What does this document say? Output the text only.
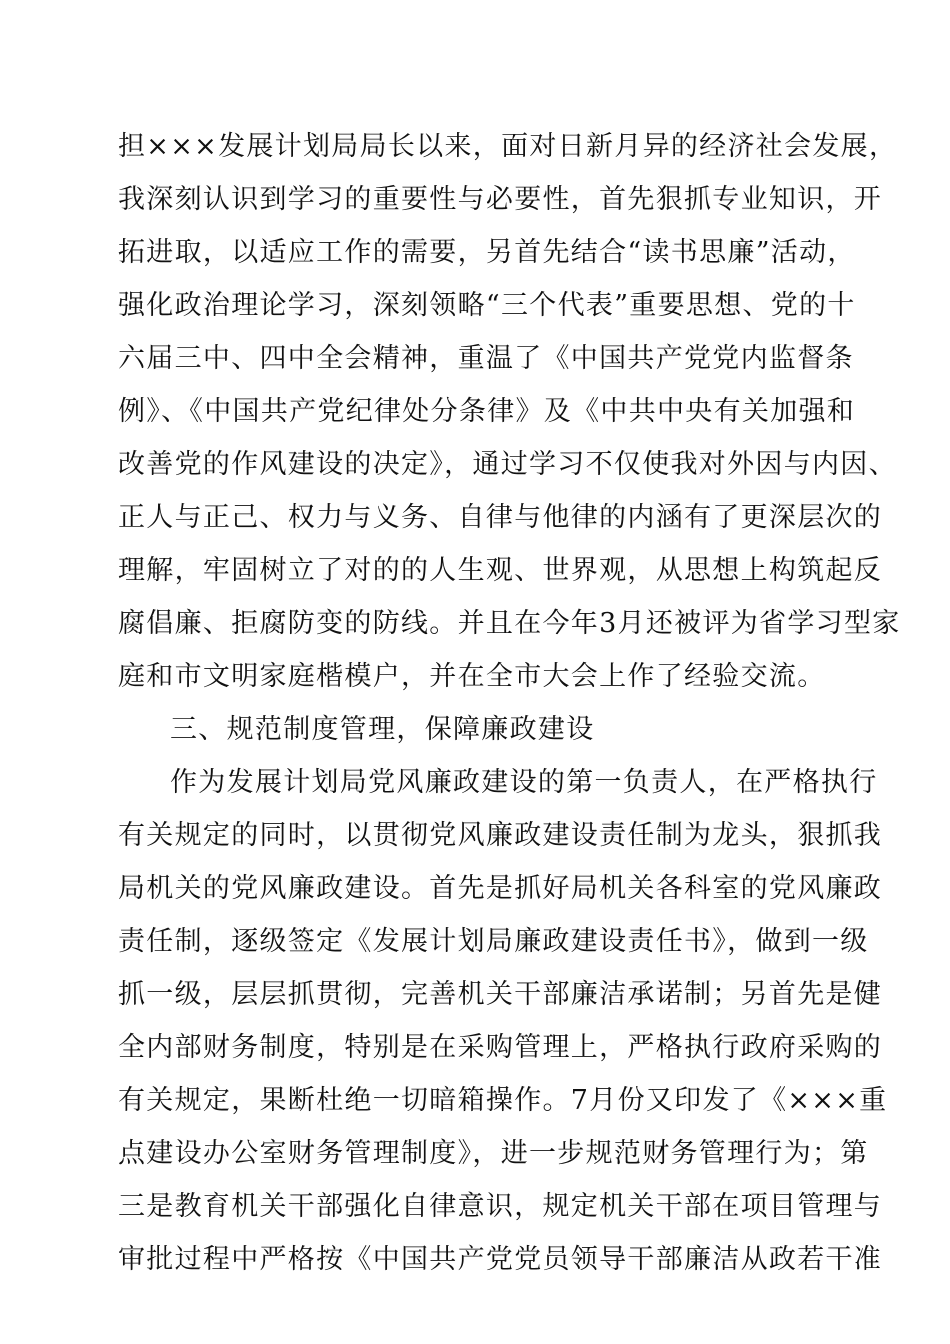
担×××发展计划局局长以来，面对日新月异的经济社会发展，
我深刻认识到学习的重要性与必要性，首先狠抓专业知识，开
拓进取，以适应工作的需要，另首先结合“读书思廉”活动，
强化政治理论学习，深刻领略“三个代表”重要思想、党的十
六届三中、四中全会精神，重温了《中国共产党党内监督条
例》、《中国共产党纪律处分条律》及《中共中央有关加强和
改善党的作风建设的决定》，通过学习不仅使我对外因与内因、
正人与正己、权力与义务、自律与他律的内涵有了更深层次的
理解，牢固树立了对的的人生观、世界观，从思想上构筑起反
腐倡廉、拒腐防变的防线。并且在今年3月还被评为省学习型家
庭和市文明家庭楷模户，并在全市大会上作了经验交流。
三、规范制度管理，保障廉政建设
作为发展计划局党风廉政建设的第一负责人，在严格执行
有关规定的同时，以贯彻党风廉政建设责任制为龙头，狠抓我
局机关的党风廉政建设。首先是抓好局机关各科室的党风廉政
责任制，逐级签定《发展计划局廉政建设责任书》，做到一级
抓一级，层层抓贯彻，完善机关干部廉洁承诺制；另首先是健
全内部财务制度，特别是在采购管理上，严格执行政府采购的
有关规定，果断杜绝一切暗箱操作。7月份又印发了《×××重
点建设办公室财务管理制度》，进一步规范财务管理行为；第
三是教育机关干部强化自律意识，规定机关干部在项目管理与
审批过程中严格按《中国共产党党员领导干部廉洁从政若干准
